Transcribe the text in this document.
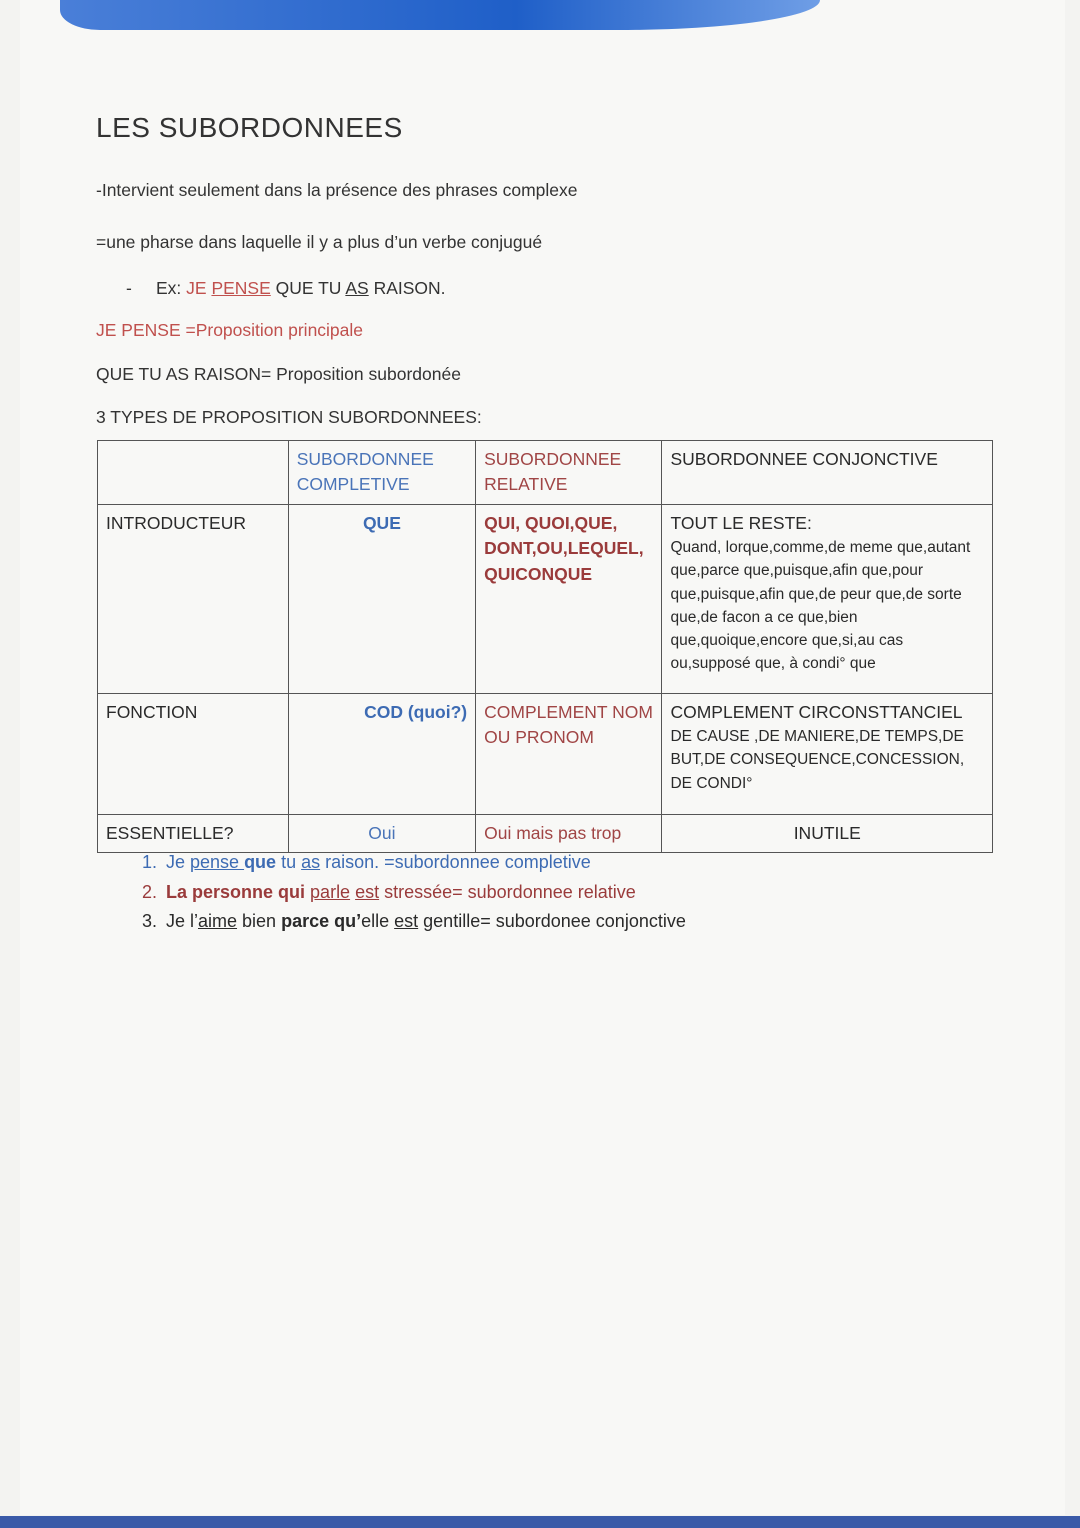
LES SUBORDONNEES
-Intervient seulement dans la présence des phrases complexe
=une pharse dans laquelle il y a plus d’un verbe conjugué
- Ex: JE PENSE QUE TU AS RAISON.
JE PENSE =Proposition principale
QUE TU AS RAISON= Proposition subordonée
3 TYPES DE PROPOSITION SUBORDONNEES:
	SUBORDONNEE COMPLETIVE	SUBORDONNEE RELATIVE	SUBORDONNEE CONJONCTIVE
INTRODUCTEUR	QUE	QUI, QUOI,QUE, DONT,OU,LEQUEL, QUICONQUE	TOUT LE RESTE:
Quand, lorque,comme,de meme que,autant que,parce que,puisque,afin que,pour que,puisque,afin que,de peur que,de sorte que,de facon a ce que,bien que,quoique,encore que,si,au cas ou,supposé que, à condi° que

FONCTION	COD (quoi?)	COMPLEMENT NOM OU PRONOM	COMPLEMENT CIRCONSTTANCIEL
DE CAUSE ,DE MANIERE,DE TEMPS,DE BUT,DE CONSEQUENCE,CONCESSION, DE CONDI°

ESSENTIELLE?	Oui	Oui mais pas trop	INUTILE
1. Je pense que tu as raison. =subordonnee completive
2. La personne qui parle est stressée= subordonnee relative
3. Je l’aime bien parce qu’elle est gentille= subordonee conjonctive
